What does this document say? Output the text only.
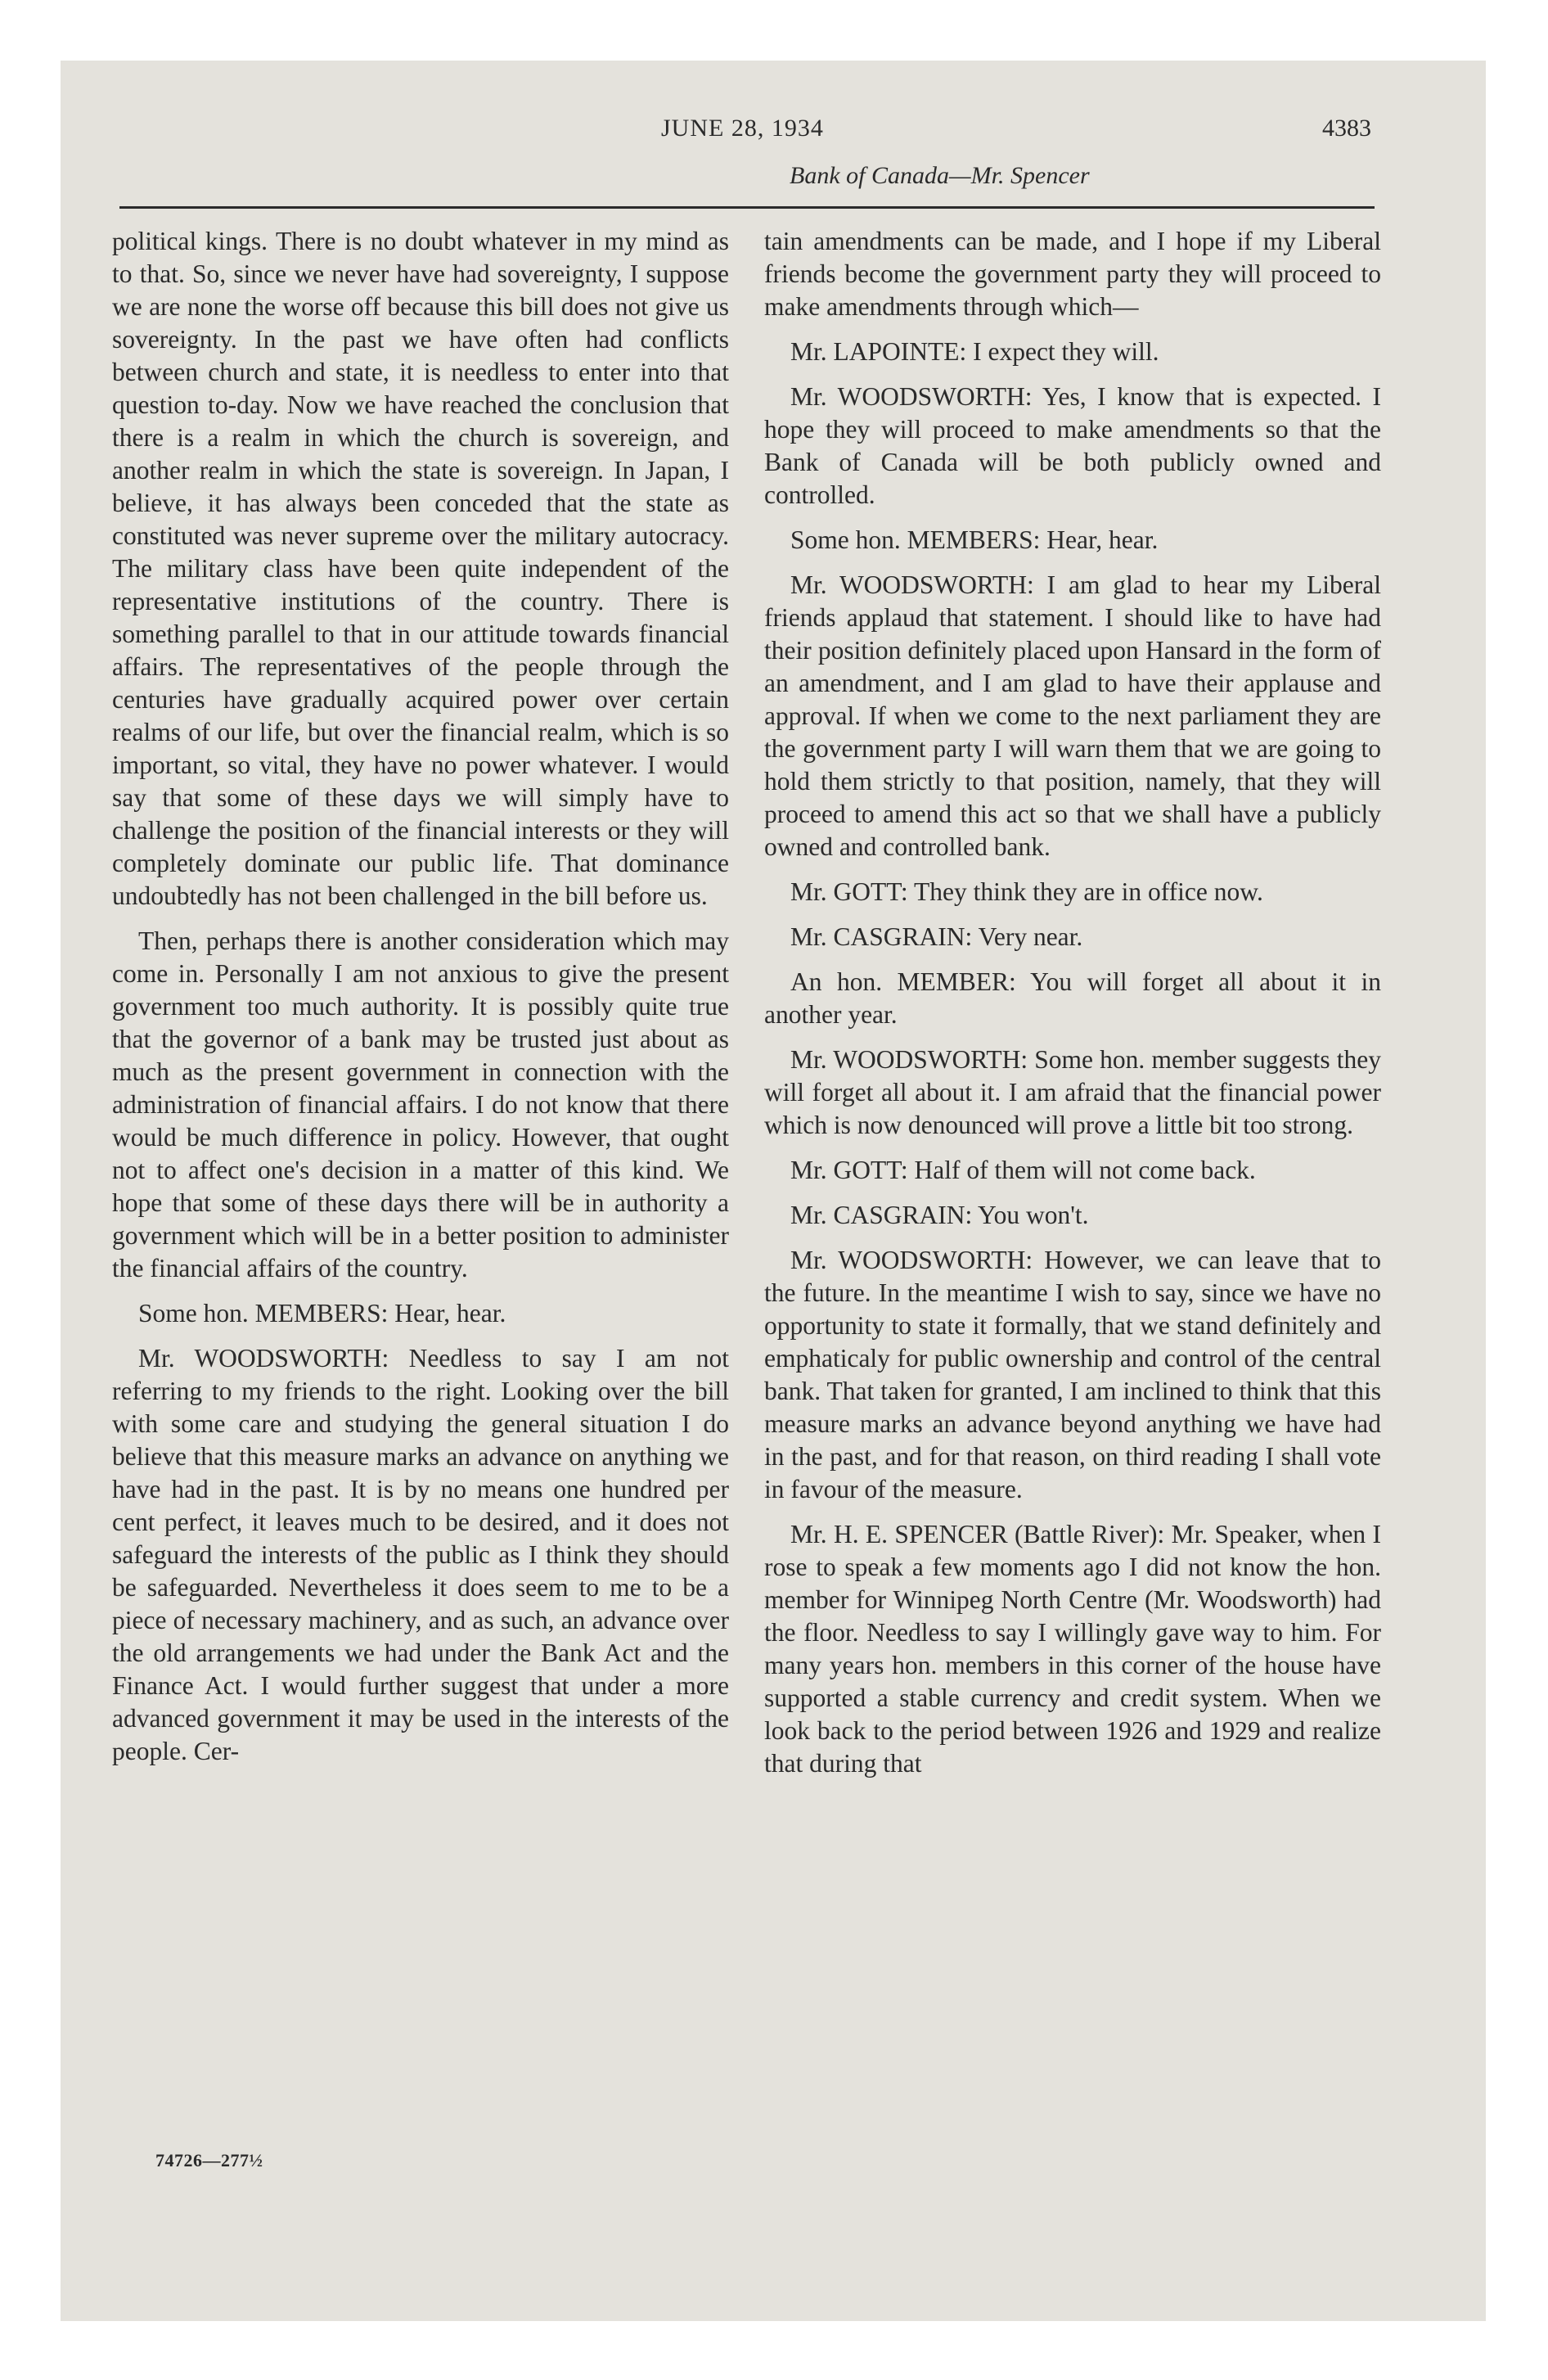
JUNE 28, 1934	4383
Bank of Canada—Mr. Spencer

political kings. There is no doubt whatever in my mind as to that. So, since we never have had sovereignty, I suppose we are none the worse off because this bill does not give us sovereignty. In the past we have often had conflicts between church and state, it is needless to enter into that question to-day. Now we have reached the conclusion that there is a realm in which the church is sovereign, and another realm in which the state is sovereign. In Japan, I believe, it has always been conceded that the state as constituted was never supreme over the military autocracy. The military class have been quite independent of the representative institutions of the country. There is something parallel to that in our attitude towards financial affairs. The representatives of the people through the centuries have gradually acquired power over certain realms of our life, but over the financial realm, which is so important, so vital, they have no power whatever. I would say that some of these days we will simply have to challenge the position of the financial interests or they will completely dominate our public life. That dominance undoubtedly has not been challenged in the bill before us.

Then, perhaps there is another consideration which may come in. Personally I am not anxious to give the present government too much authority. It is possibly quite true that the governor of a bank may be trusted just about as much as the present government in connection with the administration of financial affairs. I do not know that there would be much difference in policy. However, that ought not to affect one's decision in a matter of this kind. We hope that some of these days there will be in authority a government which will be in a better position to administer the financial affairs of the country.

Some hon. MEMBERS: Hear, hear.

Mr. WOODSWORTH: Needless to say I am not referring to my friends to the right. Looking over the bill with some care and studying the general situation I do believe that this measure marks an advance on anything we have had in the past. It is by no means one hundred per cent perfect, it leaves much to be desired, and it does not safeguard the interests of the public as I think they should be safeguarded. Nevertheless it does seem to me to be a piece of necessary machinery, and as such, an advance over the old arrangements we had under the Bank Act and the Finance Act. I would further suggest that under a more advanced government it may be used in the interests of the people. Cer-

tain amendments can be made, and I hope if my Liberal friends become the government party they will proceed to make amendments through which—

Mr. LAPOINTE: I expect they will.

Mr. WOODSWORTH: Yes, I know that is expected. I hope they will proceed to make amendments so that the Bank of Canada will be both publicly owned and controlled.

Some hon. MEMBERS: Hear, hear.

Mr. WOODSWORTH: I am glad to hear my Liberal friends applaud that statement. I should like to have had their position definitely placed upon Hansard in the form of an amendment, and I am glad to have their applause and approval. If when we come to the next parliament they are the government party I will warn them that we are going to hold them strictly to that position, namely, that they will proceed to amend this act so that we shall have a publicly owned and controlled bank.

Mr. GOTT: They think they are in office now.

Mr. CASGRAIN: Very near.

An hon. MEMBER: You will forget all about it in another year.

Mr. WOODSWORTH: Some hon. member suggests they will forget all about it. I am afraid that the financial power which is now denounced will prove a little bit too strong.

Mr. GOTT: Half of them will not come back.

Mr. CASGRAIN: You won't.

Mr. WOODSWORTH: However, we can leave that to the future. In the meantime I wish to say, since we have no opportunity to state it formally, that we stand definitely and emphaticaly for public ownership and control of the central bank. That taken for granted, I am inclined to think that this measure marks an advance beyond anything we have had in the past, and for that reason, on third reading I shall vote in favour of the measure.

Mr. H. E. SPENCER (Battle River): Mr. Speaker, when I rose to speak a few moments ago I did not know the hon. member for Winnipeg North Centre (Mr. Woodsworth) had the floor. Needless to say I willingly gave way to him. For many years hon. members in this corner of the house have supported a stable currency and credit system. When we look back to the period between 1926 and 1929 and realize that during that

74726—277½
